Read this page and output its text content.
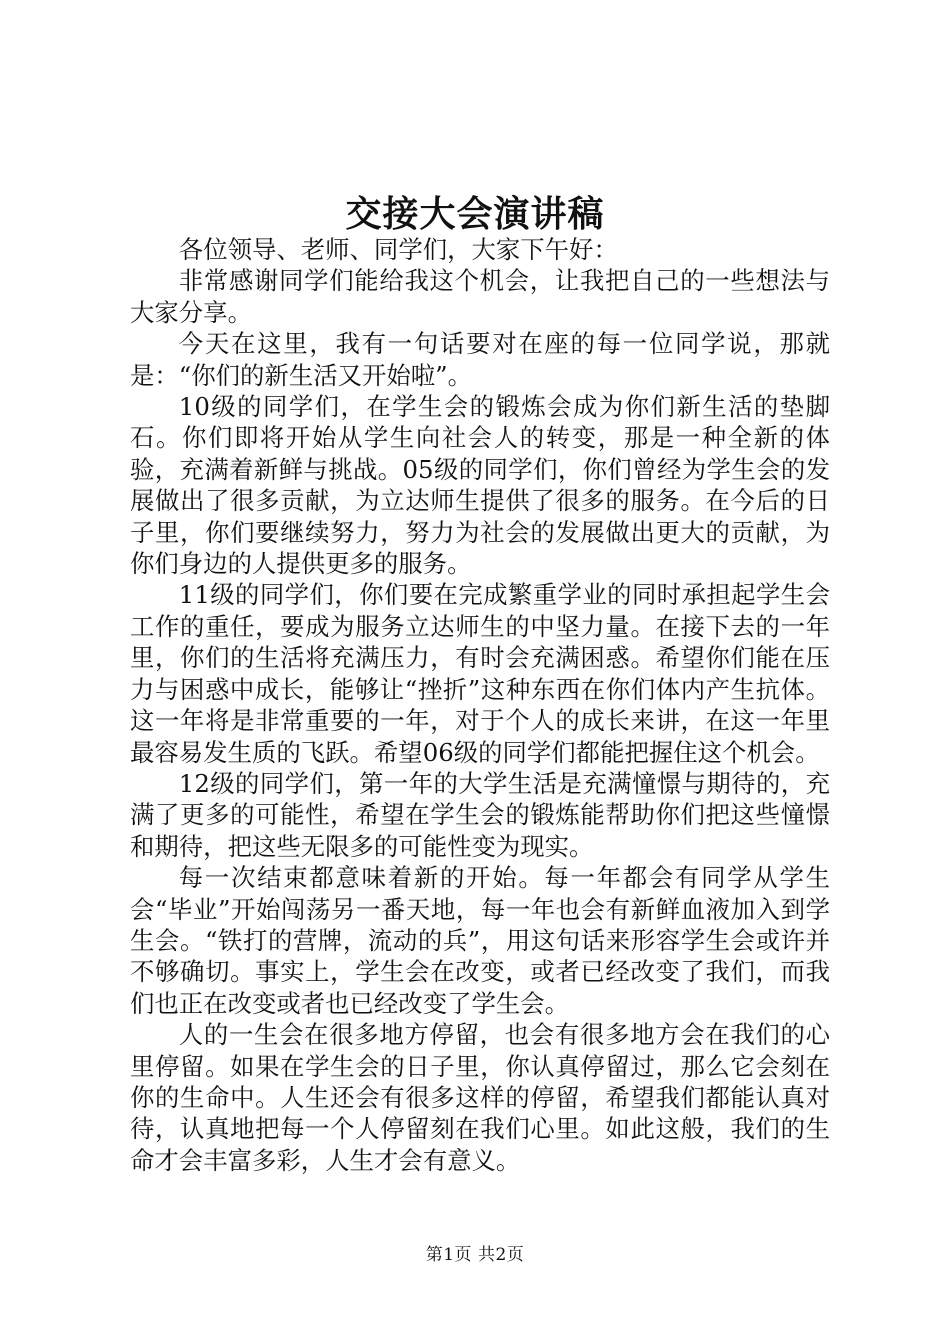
交接大会演讲稿

各位领导、老师、同学们，大家下午好：

非常感谢同学们能给我这个机会，让我把自己的一些想法与大家分享。

今天在这里，我有一句话要对在座的每一位同学说，那就是：“你们的新生活又开始啦”。

10级的同学们，在学生会的锻炼会成为你们新生活的垫脚石。你们即将开始从学生向社会人的转变，那是一种全新的体验，充满着新鲜与挑战。05级的同学们，你们曾经为学生会的发展做出了很多贡献，为立达师生提供了很多的服务。在今后的日子里，你们要继续努力，努力为社会的发展做出更大的贡献，为你们身边的人提供更多的服务。

11级的同学们，你们要在完成繁重学业的同时承担起学生会工作的重任，要成为服务立达师生的中坚力量。在接下去的一年里，你们的生活将充满压力，有时会充满困惑。希望你们能在压力与困惑中成长，能够让“挫折”这种东西在你们体内产生抗体。这一年将是非常重要的一年，对于个人的成长来讲，在这一年里最容易发生质的飞跃。希望06级的同学们都能把握住这个机会。

12级的同学们，第一年的大学生活是充满憧憬与期待的，充满了更多的可能性，希望在学生会的锻炼能帮助你们把这些憧憬和期待，把这些无限多的可能性变为现实。

每一次结束都意味着新的开始。每一年都会有同学从学生会“毕业”开始闯荡另一番天地，每一年也会有新鲜血液加入到学生会。“铁打的营牌，流动的兵”，用这句话来形容学生会或许并不够确切。事实上，学生会在改变，或者已经改变了我们，而我们也正在改变或者也已经改变了学生会。

人的一生会在很多地方停留，也会有很多地方会在我们的心里停留。如果在学生会的日子里，你认真停留过，那么它会刻在你的生命中。人生还会有很多这样的停留，希望我们都能认真对待，认真地把每一个人停留刻在我们心里。如此这般，我们的生命才会丰富多彩，人生才会有意义。

第1页 共2页
